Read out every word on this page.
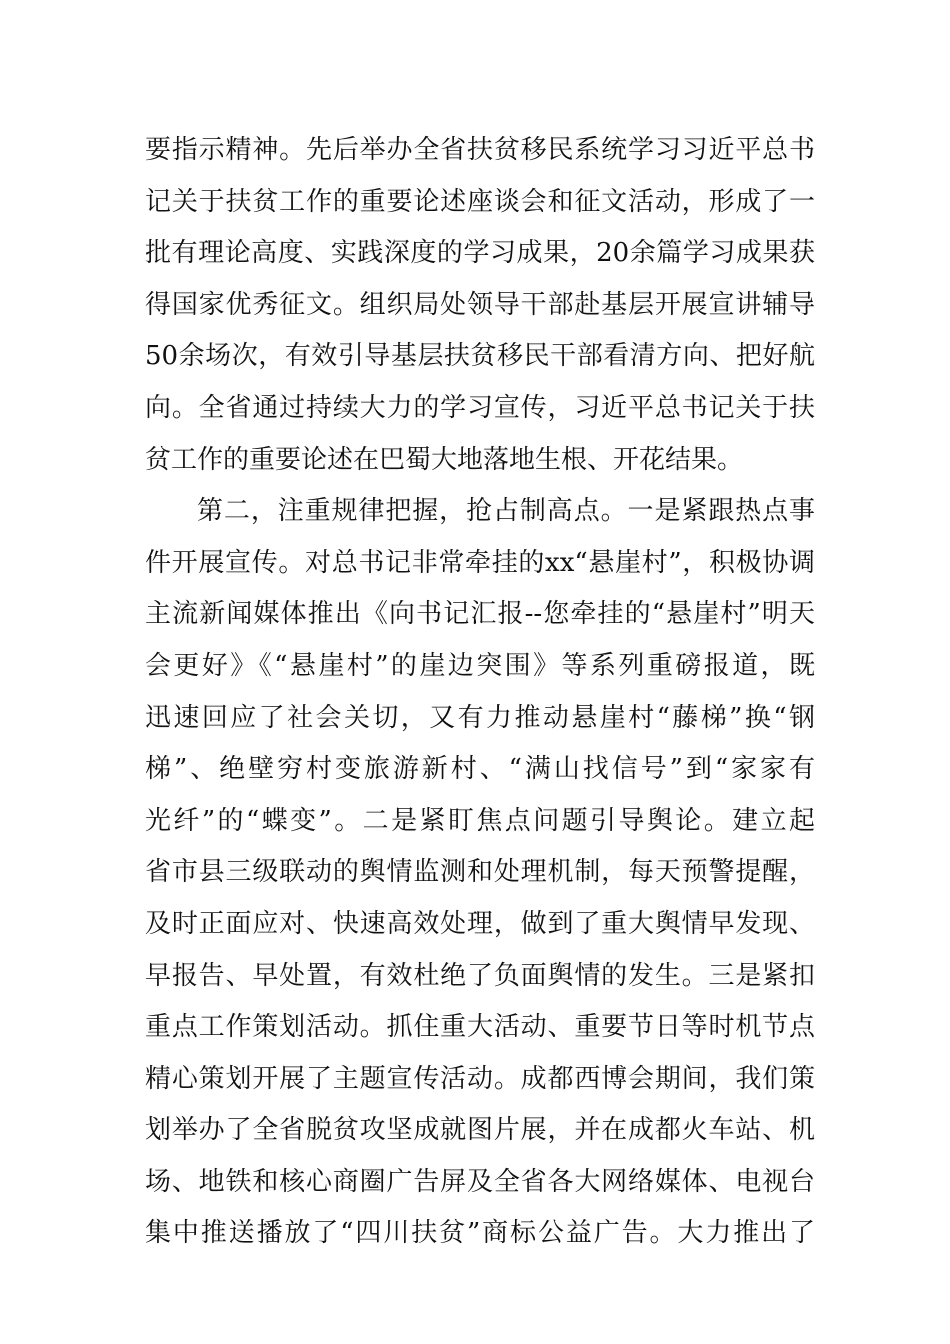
要指示精神。先后举办全省扶贫移民系统学习习近平总书
记关于扶贫工作的重要论述座谈会和征文活动，形成了一
批有理论高度、实践深度的学习成果，20余篇学习成果获
得国家优秀征文。组织局处领导干部赴基层开展宣讲辅导
50余场次，有效引导基层扶贫移民干部看清方向、把好航
向。全省通过持续大力的学习宣传，习近平总书记关于扶
贫工作的重要论述在巴蜀大地落地生根、开花结果。
第二，注重规律把握，抢占制高点。一是紧跟热点事
件开展宣传。对总书记非常牵挂的xx“悬崖村”，积极协调
主流新闻媒体推出《向书记汇报--您牵挂的“悬崖村”明天
会更好》《“悬崖村”的崖边突围》等系列重磅报道，既
迅速回应了社会关切，又有力推动悬崖村“藤梯”换“钢
梯”、绝壁穷村变旅游新村、“满山找信号”到“家家有
光纤”的“蝶变”。二是紧盯焦点问题引导舆论。建立起
省市县三级联动的舆情监测和处理机制，每天预警提醒，
及时正面应对、快速高效处理，做到了重大舆情早发现、
早报告、早处置，有效杜绝了负面舆情的发生。三是紧扣
重点工作策划活动。抓住重大活动、重要节日等时机节点
精心策划开展了主题宣传活动。成都西博会期间，我们策
划举办了全省脱贫攻坚成就图片展，并在成都火车站、机
场、地铁和核心商圈广告屏及全省各大网络媒体、电视台
集中推送播放了“四川扶贫”商标公益广告。大力推出了
